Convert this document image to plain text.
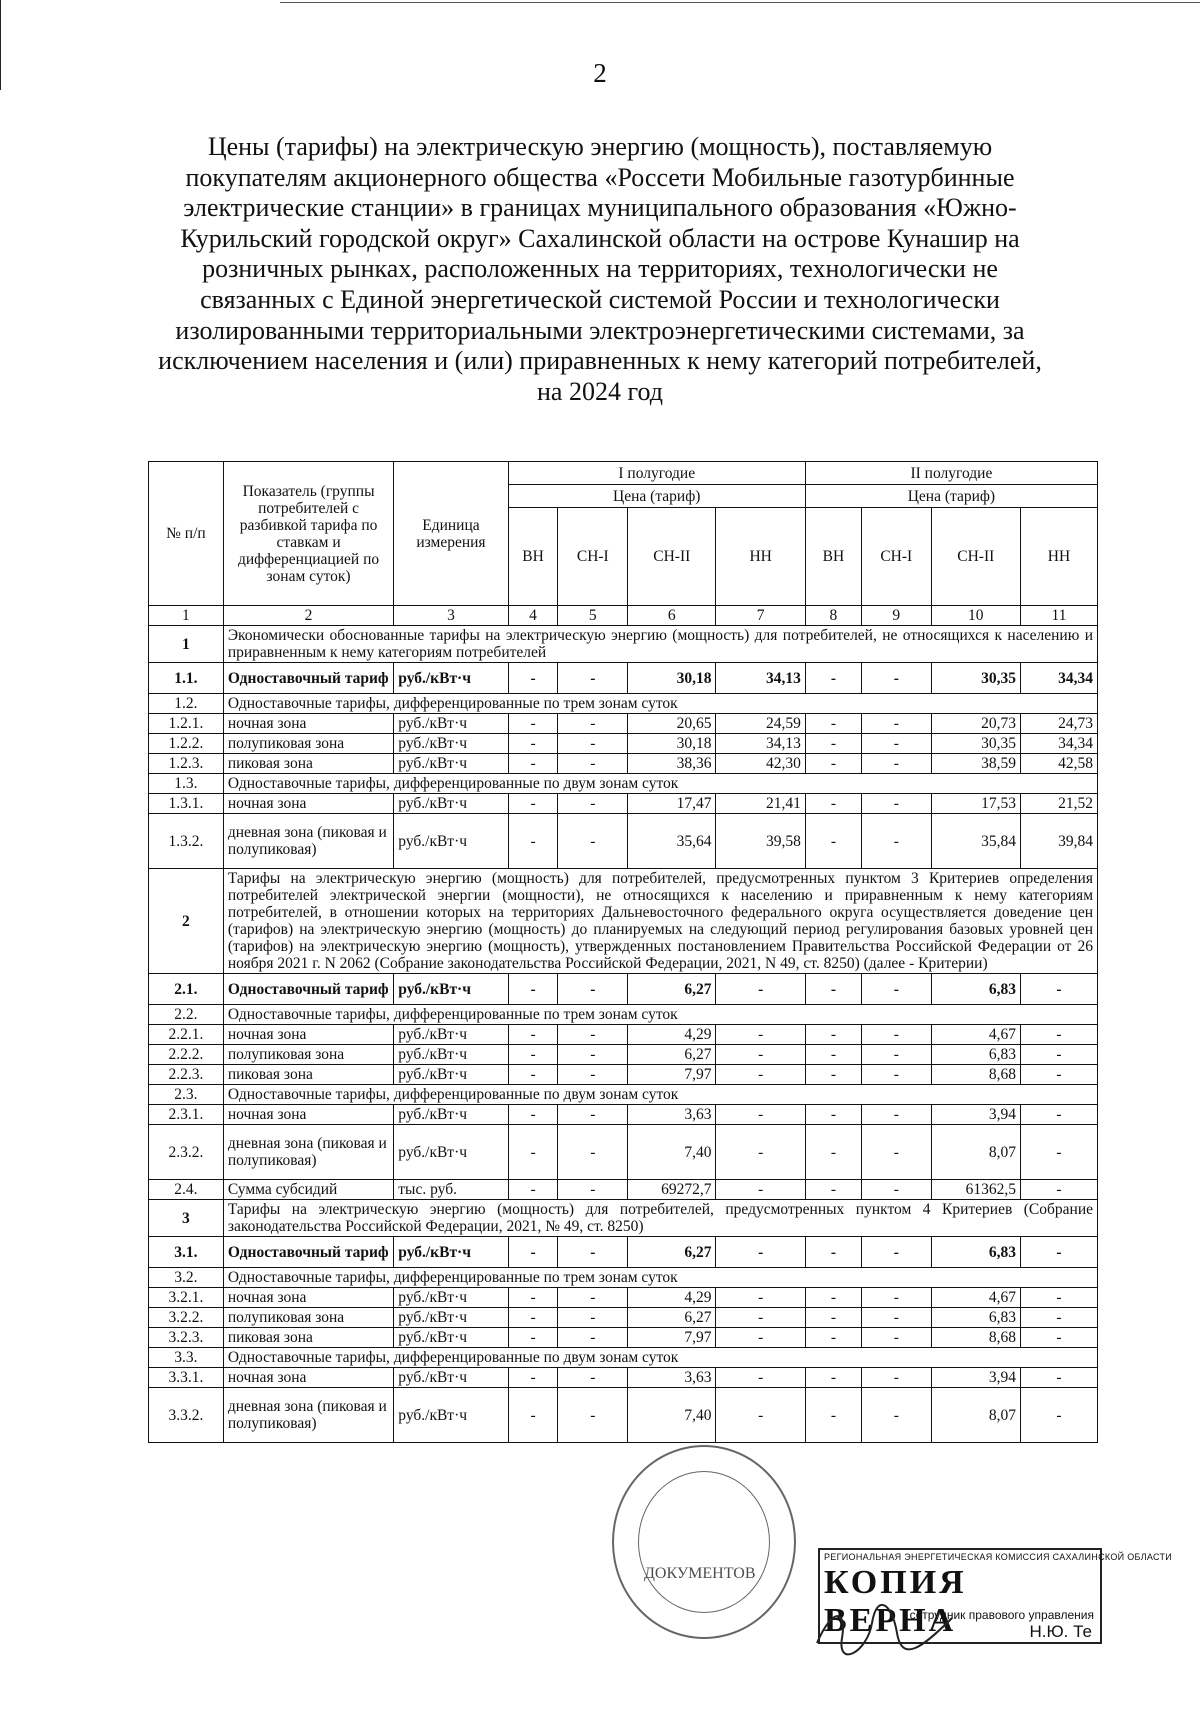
2
Цены (тарифы) на электрическую энергию (мощность), поставляемую покупателям акционерного общества «Россети Мобильные газотурбинные электрические станции» в границах муниципального образования «Южно-Курильский городской округ» Сахалинской области на острове Кунашир на розничных рынках, расположенных на территориях, технологически не связанных с Единой энергетической системой России и технологически изолированными территориальными электроэнергетическими системами, за исключением населения и (или) приравненных к нему категорий потребителей, на 2024 год
№ п/п	Показатель (группы потребителей с разбивкой тарифа по ставкам и дифференциацией по зонам суток)	Единица измерения	I полугодие				II полугодие			
			Цена (тариф)				Цена (тариф)			
			ВН	СН-I	СН-II	НН	ВН	СН-I	СН-II	НН
1	2	3	4	5	6	7	8	9	10	11
1	Экономически обоснованные тарифы на электрическую энергию (мощность) для потребителей, не относящихся к населению и приравненным к нему категориям потребителей									
1.1.	Одноставочный тариф	руб./кВт·ч	-	-	30,18	34,13	-	-	30,35	34,34
1.2.	Одноставочные тарифы, дифференцированные по трем зонам суток									
1.2.1.	ночная зона	руб./кВт·ч	-	-	20,65	24,59	-	-	20,73	24,73
1.2.2.	полупиковая зона	руб./кВт·ч	-	-	30,18	34,13	-	-	30,35	34,34
1.2.3.	пиковая зона	руб./кВт·ч	-	-	38,36	42,30	-	-	38,59	42,58
1.3.	Одноставочные тарифы, дифференцированные по двум зонам суток									
1.3.1.	ночная зона	руб./кВт·ч	-	-	17,47	21,41	-	-	17,53	21,52
1.3.2.	дневная зона (пиковая и полупиковая)	руб./кВт·ч	-	-	35,64	39,58	-	-	35,84	39,84
2	Тарифы на электрическую энергию (мощность) для потребителей, предусмотренных пунктом 3 Критериев определения потребителей электрической энергии (мощности), не относящихся к населению и приравненным к нему категориям потребителей, в отношении которых на территориях Дальневосточного федерального округа осуществляется доведение цен (тарифов) на электрическую энергию (мощность) до планируемых на следующий период регулирования базовых уровней цен (тарифов) на электрическую энергию (мощность), утвержденных постановлением Правительства Российской Федерации от 26 ноября 2021 г. N 2062 (Собрание законодательства Российской Федерации, 2021, N 49, ст. 8250) (далее - Критерии)									
2.1.	Одноставочный тариф	руб./кВт·ч	-	-	6,27	-	-	-	6,83	-
2.2.	Одноставочные тарифы, дифференцированные по трем зонам суток									
2.2.1.	ночная зона	руб./кВт·ч	-	-	4,29	-	-	-	4,67	-
2.2.2.	полупиковая зона	руб./кВт·ч	-	-	6,27	-	-	-	6,83	-
2.2.3.	пиковая зона	руб./кВт·ч	-	-	7,97	-	-	-	8,68	-
2.3.	Одноставочные тарифы, дифференцированные по двум зонам суток									
2.3.1.	ночная зона	руб./кВт·ч	-	-	3,63	-	-	-	3,94	-
2.3.2.	дневная зона (пиковая и полупиковая)	руб./кВт·ч	-	-	7,40	-	-	-	8,07	-
2.4.	Сумма субсидий	тыс. руб.	-	-	69272,7	-	-	-	61362,5	-
3	Тарифы на электрическую энергию (мощность) для потребителей, предусмотренных пунктом 4 Критериев (Собрание законодательства Российской Федерации, 2021, № 49, ст. 8250)									
3.1.	Одноставочный тариф	руб./кВт·ч	-	-	6,27	-	-	-	6,83	-
3.2.	Одноставочные тарифы, дифференцированные по трем зонам суток									
3.2.1.	ночная зона	руб./кВт·ч	-	-	4,29	-	-	-	4,67	-
3.2.2.	полупиковая зона	руб./кВт·ч	-	-	6,27	-	-	-	6,83	-
3.2.3.	пиковая зона	руб./кВт·ч	-	-	7,97	-	-	-	8,68	-
3.3.	Одноставочные тарифы, дифференцированные по двум зонам суток									
3.3.1.	ночная зона	руб./кВт·ч	-	-	3,63	-	-	-	3,94	-
3.3.2.	дневная зона (пиковая и полупиковая)	руб./кВт·ч	-	-	7,40	-	-	-	8,07	-
ДОКУМЕНТОВ
РЕГИОНАЛЬНАЯ ЭНЕРГЕТИЧЕСКАЯ КОМИССИЯ САХАЛИНСКОЙ ОБЛАСТИ
КОПИЯ ВЕРНА
сотрудник правового управления
Н.Ю. Те
